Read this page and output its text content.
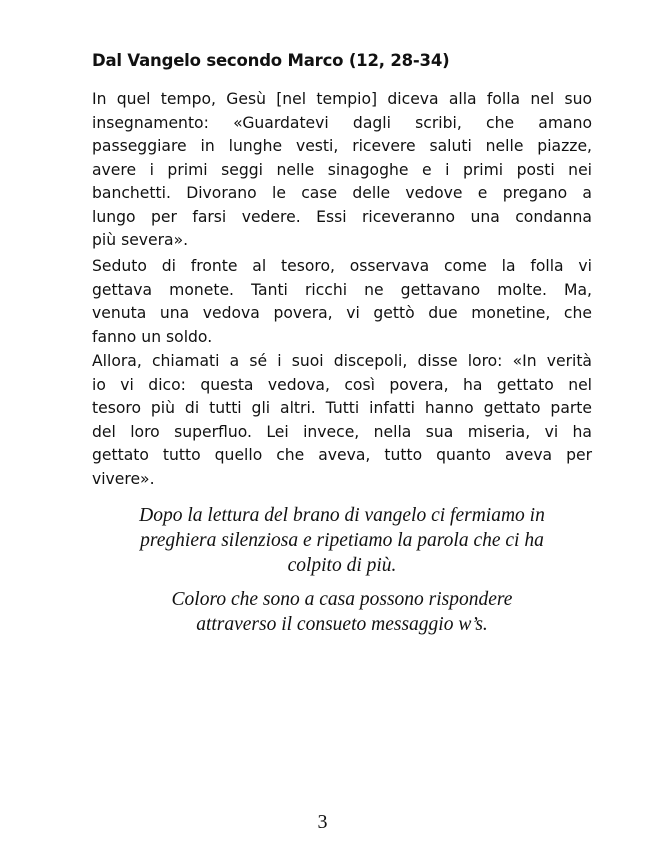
Dal Vangelo secondo Marco (12, 28-34)

In quel tempo, Gesù [nel tempio] diceva alla folla nel suo
insegnamento: «Guardatevi dagli scribi, che amano
passeggiare in lunghe vesti, ricevere saluti nelle piazze,
avere i primi seggi nelle sinagoghe e i primi posti nei
banchetti. Divorano le case delle vedove e pregano a
lungo per farsi vedere. Essi riceveranno una condanna
più severa».

Seduto di fronte al tesoro, osservava come la folla vi
gettava monete. Tanti ricchi ne gettavano molte. Ma,
venuta una vedova povera, vi gettò due monetine, che
fanno un soldo.

Allora, chiamati a sé i suoi discepoli, disse loro: «In verità
io vi dico: questa vedova, così povera, ha gettato nel
tesoro più di tutti gli altri. Tutti infatti hanno gettato parte
del loro superfluo. Lei invece, nella sua miseria, vi ha
gettato tutto quello che aveva, tutto quanto aveva per
vivere».

Dopo la lettura del brano di vangelo ci fermiamo in
preghiera silenziosa e ripetiamo la parola che ci ha
colpito di più.

Coloro che sono a casa possono rispondere
attraverso il consueto messaggio w’s.

3
